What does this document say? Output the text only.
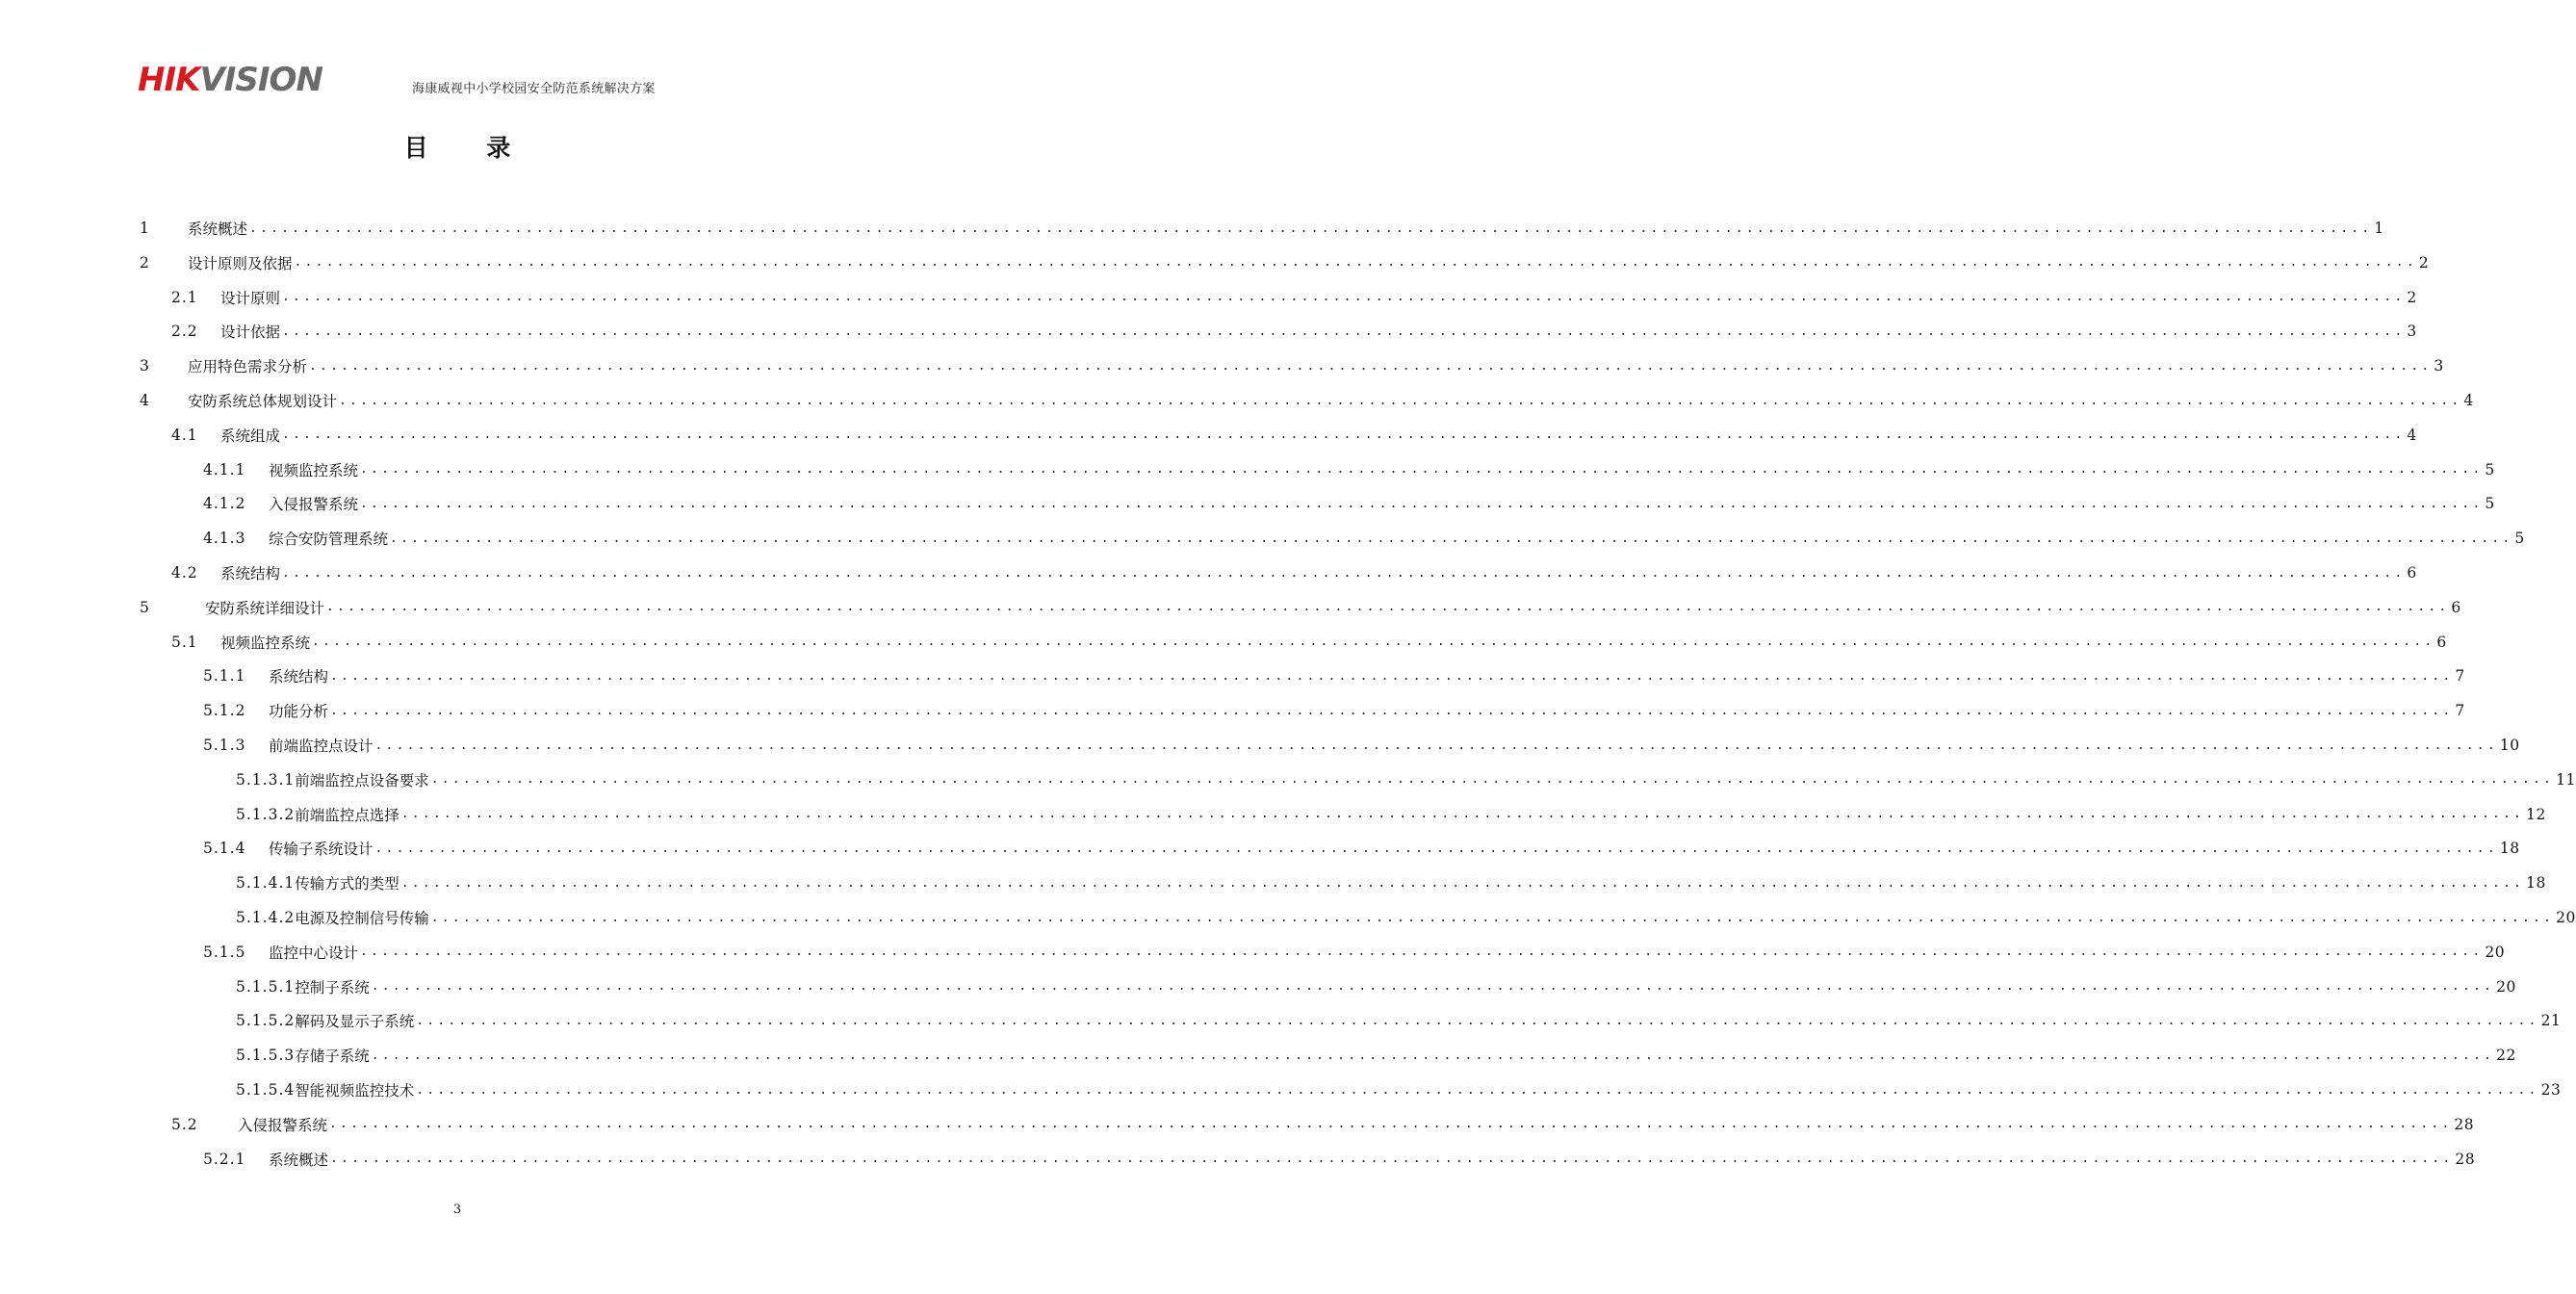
HIKVISION	海康威视中小学校园安全防范系统解决方案
目 录
1	系统概述 ........................................................................................................................................................................................................ 1
2	设计原则及依据 ........................................................................................................................................................................................................ 2
2.1 设计原则 ........................................................................................................................................................................................................ 2
2.2 设计依据 ........................................................................................................................................................................................................ 3
3	应用特色需求分析 ........................................................................................................................................................................................................ 3
4	安防系统总体规划设计 ........................................................................................................................................................................................................ 4
4.1 系统组成 ........................................................................................................................................................................................................ 4
4.1.1 视频监控系统 ........................................................................................................................................................................................................ 5
4.1.2 入侵报警系统 ........................................................................................................................................................................................................ 5
4.1.3 综合安防管理系统 ........................................................................................................................................................................................................ 5
4.2 系统结构 ........................................................................................................................................................................................................ 6
5	安防系统详细设计 ........................................................................................................................................................................................................ 6
5.1 视频监控系统 ........................................................................................................................................................................................................ 6
5.1.1 系统结构 ........................................................................................................................................................................................................ 7
5.1.2 功能分析 ........................................................................................................................................................................................................ 7
5.1.3 前端监控点设计 ........................................................................................................................................................................................................ 10
5.1.3.1 前端监控点设备要求 ........................................................................................................................................................................................................ 11
5.1.3.2 前端监控点选择 ........................................................................................................................................................................................................ 12
5.1.4 传输子系统设计 ........................................................................................................................................................................................................ 18
5.1.4.1 传输方式的类型 ........................................................................................................................................................................................................ 18
5.1.4.2 电源及控制信号传输 ........................................................................................................................................................................................................ 20
5.1.5 监控中心设计 ........................................................................................................................................................................................................ 20
5.1.5.1 控制子系统 ........................................................................................................................................................................................................ 20
5.1.5.2 解码及显示子系统 ........................................................................................................................................................................................................ 21
5.1.5.3 存储子系统 ........................................................................................................................................................................................................ 22
5.1.5.4 智能视频监控技术 ........................................................................................................................................................................................................ 23
5.2	入侵报警系统 ........................................................................................................................................................................................................ 28
5.2.1 系统概述 ........................................................................................................................................................................................................ 28
3
